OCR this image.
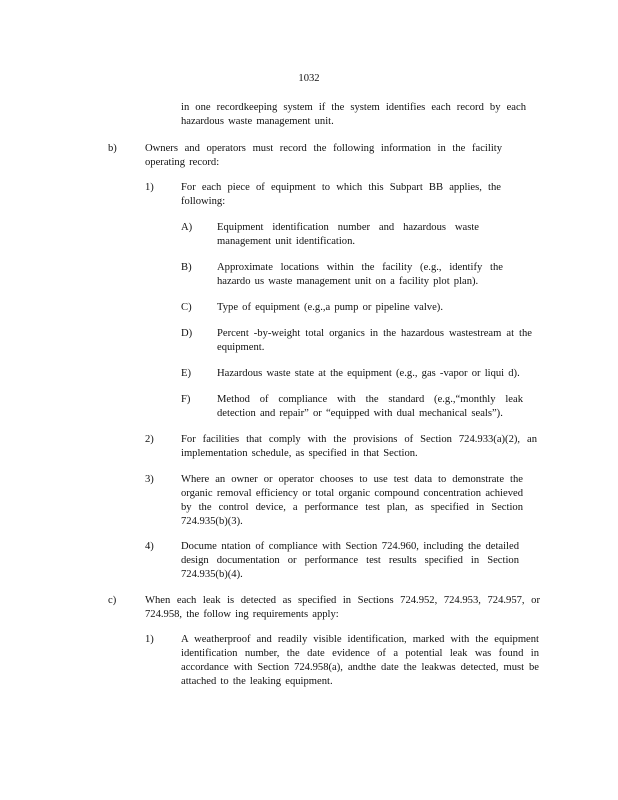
1032
in one recordkeeping system if the system identifies each record by each hazardous waste management unit.
b)	Owners and operators must record the following information in the facility operating record:
1)	For each piece of equipment to which this Subpart BB applies, the following:
A) Equipment identification number and hazardous waste management unit identification.
B) Approximate locations within the facility (e.g., identify the hazardo us waste management unit on a facility plot plan).
C) Type of equipment (e.g.,a pump or pipeline valve).
D) Percent -by-weight total organics in the hazardous wastestream at the equipment.
E) Hazardous waste state at the equipment (e.g., gas -vapor or liqui d).
F)	Method of compliance with the standard (e.g.,“monthly leak detection and repair” or “equipped with dual mechanical seals”).
2)	For facilities that comply with the provisions of Section 724.933(a)(2), an implementation schedule, as specified in that Section.
3)	Where an owner or operator chooses to use test data to demonstrate the organic removal efficiency or total organic compound concentration achieved by the control device, a performance test plan, as specified in Section 724.935(b)(3).
4)	Docume ntation of compliance with Section 724.960, including the detailed design documentation or performance test results specified in Section 724.935(b)(4).
c)	When each leak is detected as specified in Sections 724.952, 724.953, 724.957, or 724.958, the follow ing requirements apply:
1)	A weatherproof and readily visible identification, marked with the equipment identification number, the date evidence of a potential leak was found in accordance with Section 724.958(a), andthe date the leakwas detected, must be attached to the leaking equipment.
